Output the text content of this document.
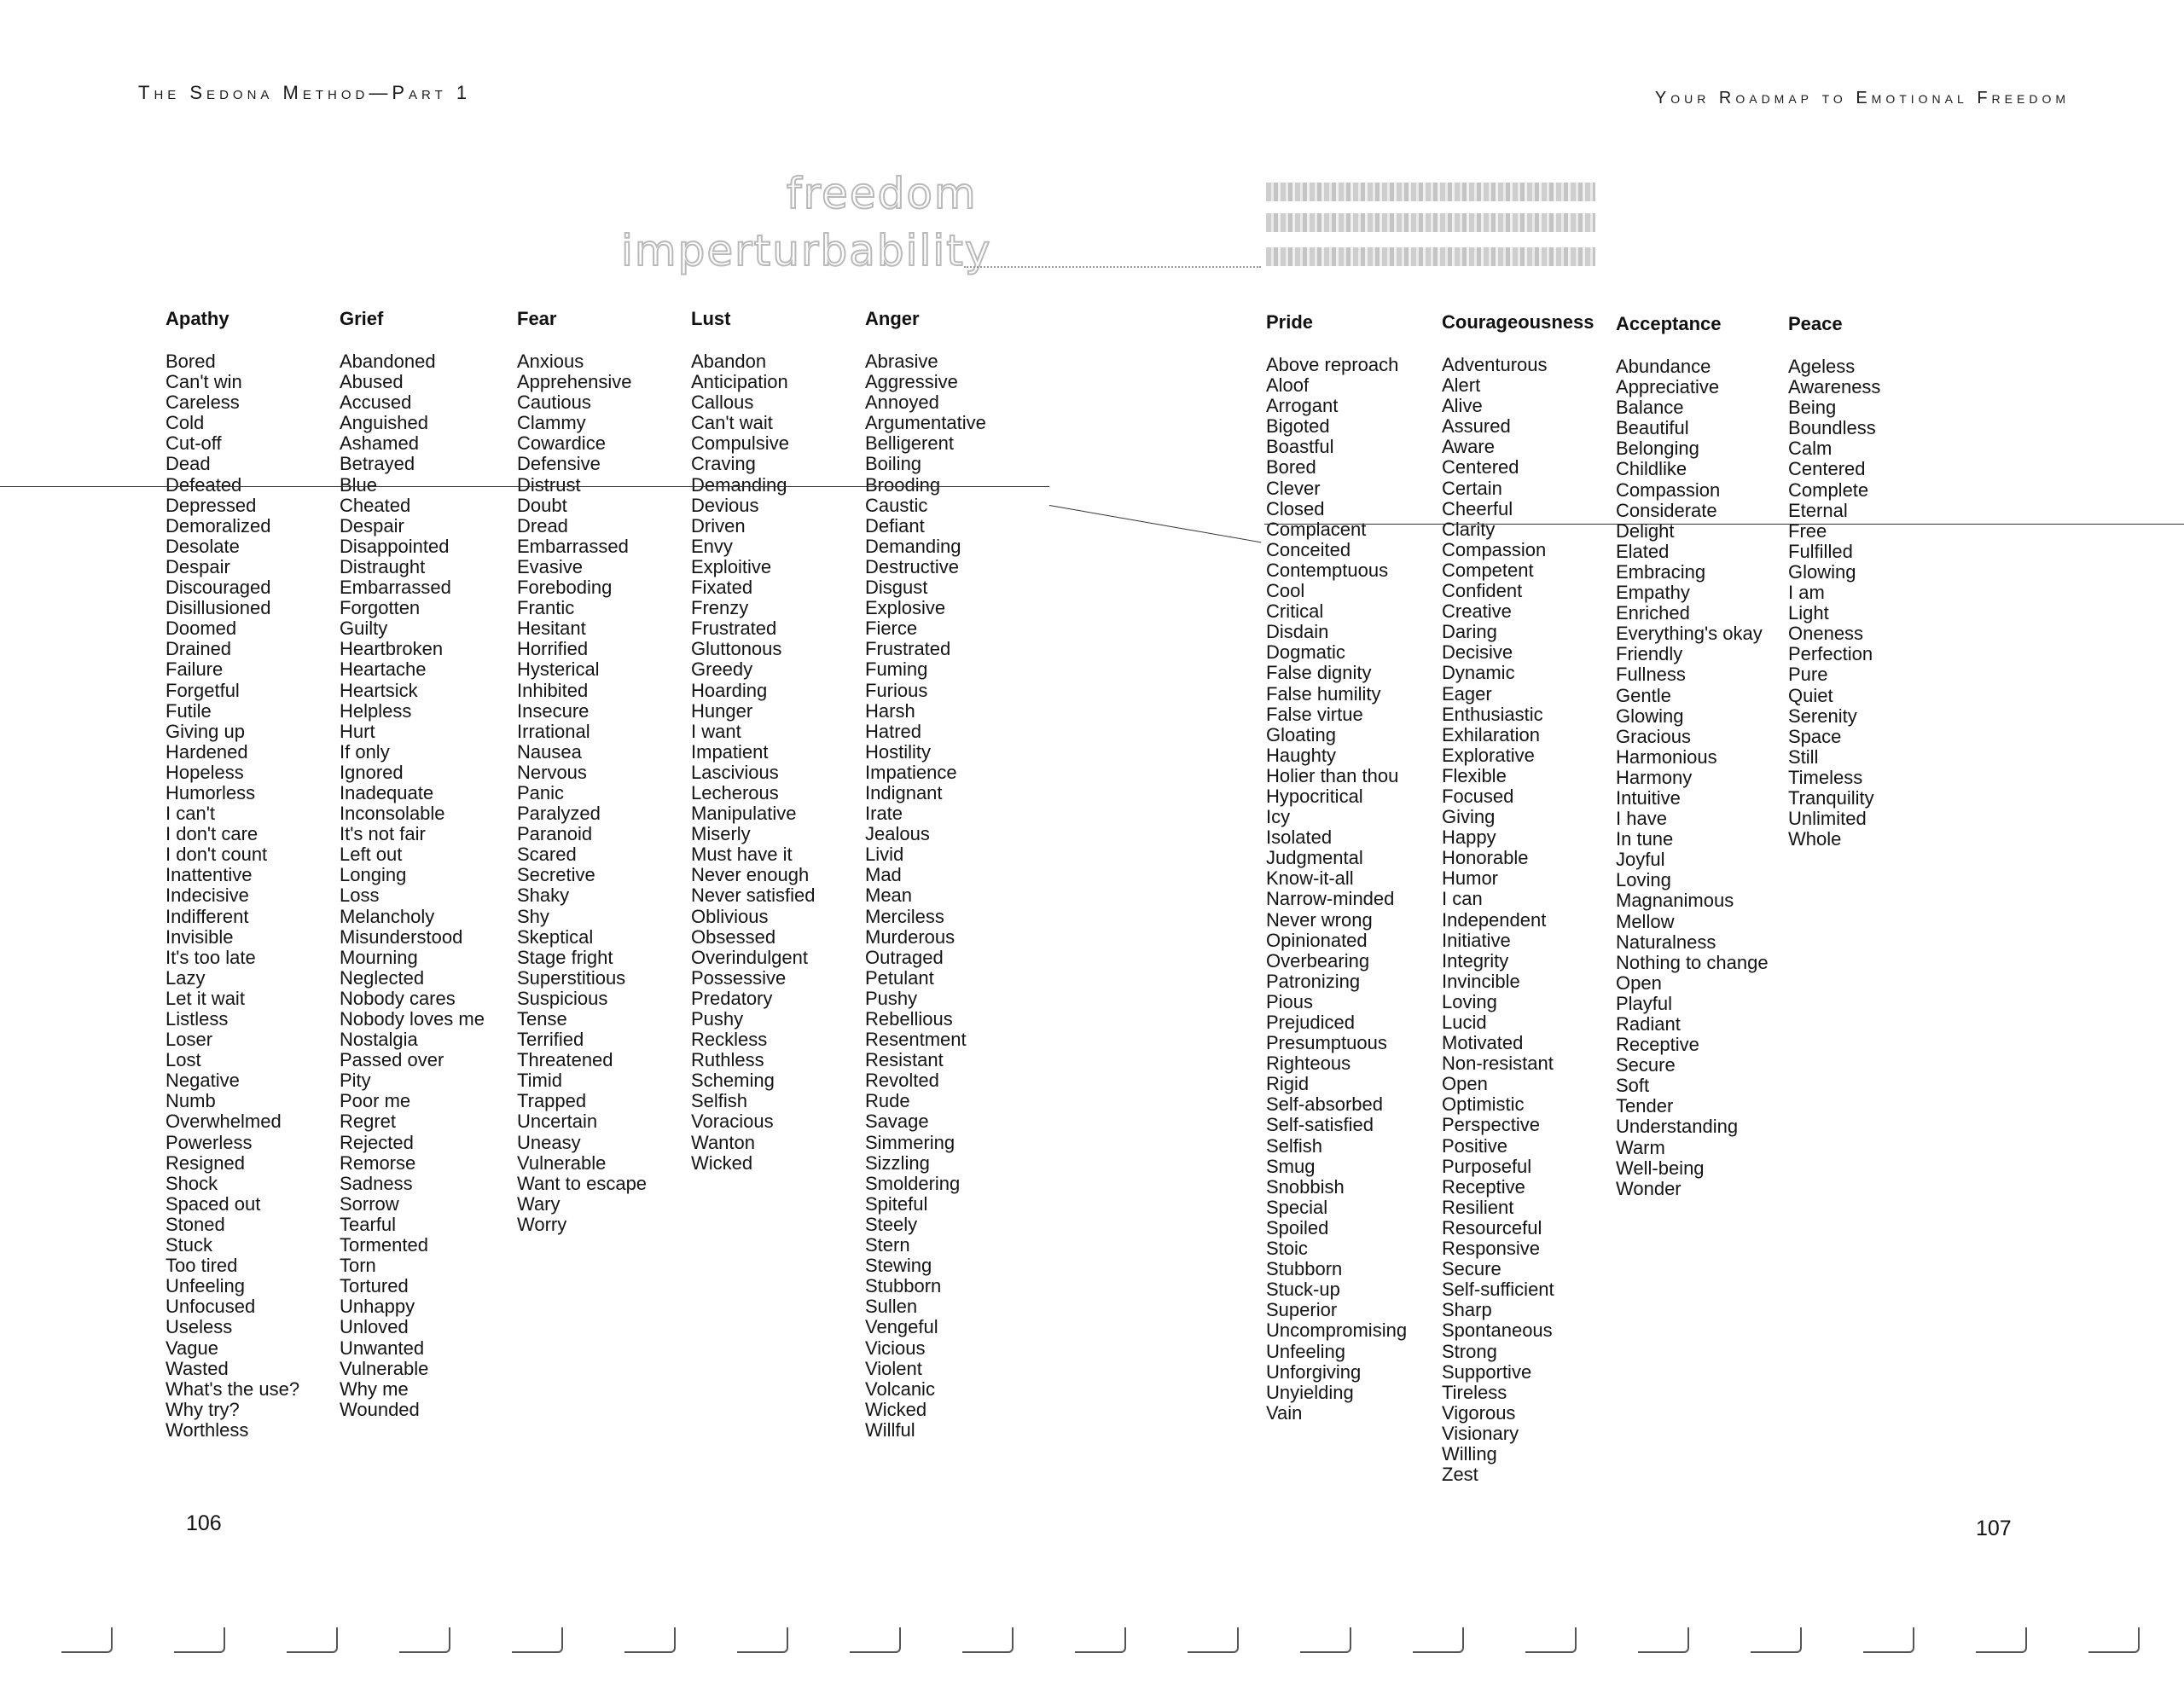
The Sedona Method—Part 1	Your Roadmap to Emotional Freedom
freedom
imperturbability
Apathy
Bored
Can't win
Careless
Cold
Cut-off
Dead
Defeated
Depressed
Demoralized
Desolate
Despair
Discouraged
Disillusioned
Doomed
Drained
Failure
Forgetful
Futile
Giving up
Hardened
Hopeless
Humorless
I can't
I don't care
I don't count
Inattentive
Indecisive
Indifferent
Invisible
It's too late
Lazy
Let it wait
Listless
Loser
Lost
Negative
Numb
Overwhelmed
Powerless
Resigned
Shock
Spaced out
Stoned
Stuck
Too tired
Unfeeling
Unfocused
Useless
Vague
Wasted
What's the use?
Why try?
Worthless
Grief
Abandoned
Abused
Accused
Anguished
Ashamed
Betrayed
Blue
Cheated
Despair
Disappointed
Distraught
Embarrassed
Forgotten
Guilty
Heartbroken
Heartache
Heartsick
Helpless
Hurt
If only
Ignored
Inadequate
Inconsolable
It's not fair
Left out
Longing
Loss
Melancholy
Misunderstood
Mourning
Neglected
Nobody cares
Nobody loves me
Nostalgia
Passed over
Pity
Poor me
Regret
Rejected
Remorse
Sadness
Sorrow
Tearful
Tormented
Torn
Tortured
Unhappy
Unloved
Unwanted
Vulnerable
Why me
Wounded
Fear
Anxious
Apprehensive
Cautious
Clammy
Cowardice
Defensive
Distrust
Doubt
Dread
Embarrassed
Evasive
Foreboding
Frantic
Hesitant
Horrified
Hysterical
Inhibited
Insecure
Irrational
Nausea
Nervous
Panic
Paralyzed
Paranoid
Scared
Secretive
Shaky
Shy
Skeptical
Stage fright
Superstitious
Suspicious
Tense
Terrified
Threatened
Timid
Trapped
Uncertain
Uneasy
Vulnerable
Want to escape
Wary
Worry
Lust
Abandon
Anticipation
Callous
Can't wait
Compulsive
Craving
Demanding
Devious
Driven
Envy
Exploitive
Fixated
Frenzy
Frustrated
Gluttonous
Greedy
Hoarding
Hunger
I want
Impatient
Lascivious
Lecherous
Manipulative
Miserly
Must have it
Never enough
Never satisfied
Oblivious
Obsessed
Overindulgent
Possessive
Predatory
Pushy
Reckless
Ruthless
Scheming
Selfish
Voracious
Wanton
Wicked
Anger
Abrasive
Aggressive
Annoyed
Argumentative
Belligerent
Boiling
Brooding
Caustic
Defiant
Demanding
Destructive
Disgust
Explosive
Fierce
Frustrated
Fuming
Furious
Harsh
Hatred
Hostility
Impatience
Indignant
Irate
Jealous
Livid
Mad
Mean
Merciless
Murderous
Outraged
Petulant
Pushy
Rebellious
Resentment
Resistant
Revolted
Rude
Savage
Simmering
Sizzling
Smoldering
Spiteful
Steely
Stern
Stewing
Stubborn
Sullen
Vengeful
Vicious
Violent
Volcanic
Wicked
Willful
Pride
Above reproach
Aloof
Arrogant
Bigoted
Boastful
Bored
Clever
Closed
Complacent
Conceited
Contemptuous
Cool
Critical
Disdain
Dogmatic
False dignity
False humility
False virtue
Gloating
Haughty
Holier than thou
Hypocritical
Icy
Isolated
Judgmental
Know-it-all
Narrow-minded
Never wrong
Opinionated
Overbearing
Patronizing
Pious
Prejudiced
Presumptuous
Righteous
Rigid
Self-absorbed
Self-satisfied
Selfish
Smug
Snobbish
Special
Spoiled
Stoic
Stubborn
Stuck-up
Superior
Uncompromising
Unfeeling
Unforgiving
Unyielding
Vain
Courageousness
Adventurous
Alert
Alive
Assured
Aware
Centered
Certain
Cheerful
Clarity
Compassion
Competent
Confident
Creative
Daring
Decisive
Dynamic
Eager
Enthusiastic
Exhilaration
Explorative
Flexible
Focused
Giving
Happy
Honorable
Humor
I can
Independent
Initiative
Integrity
Invincible
Loving
Lucid
Motivated
Non-resistant
Open
Optimistic
Perspective
Positive
Purposeful
Receptive
Resilient
Resourceful
Responsive
Secure
Self-sufficient
Sharp
Spontaneous
Strong
Supportive
Tireless
Vigorous
Visionary
Willing
Zest
Acceptance
Abundance
Appreciative
Balance
Beautiful
Belonging
Childlike
Compassion
Considerate
Delight
Elated
Embracing
Empathy
Enriched
Everything's okay
Friendly
Fullness
Gentle
Glowing
Gracious
Harmonious
Harmony
Intuitive
I have
In tune
Joyful
Loving
Magnanimous
Mellow
Naturalness
Nothing to change
Open
Playful
Radiant
Receptive
Secure
Soft
Tender
Understanding
Warm
Well-being
Wonder
Peace
Ageless
Awareness
Being
Boundless
Calm
Centered
Complete
Eternal
Free
Fulfilled
Glowing
I am
Light
Oneness
Perfection
Pure
Quiet
Serenity
Space
Still
Timeless
Tranquility
Unlimited
Whole
106	107
